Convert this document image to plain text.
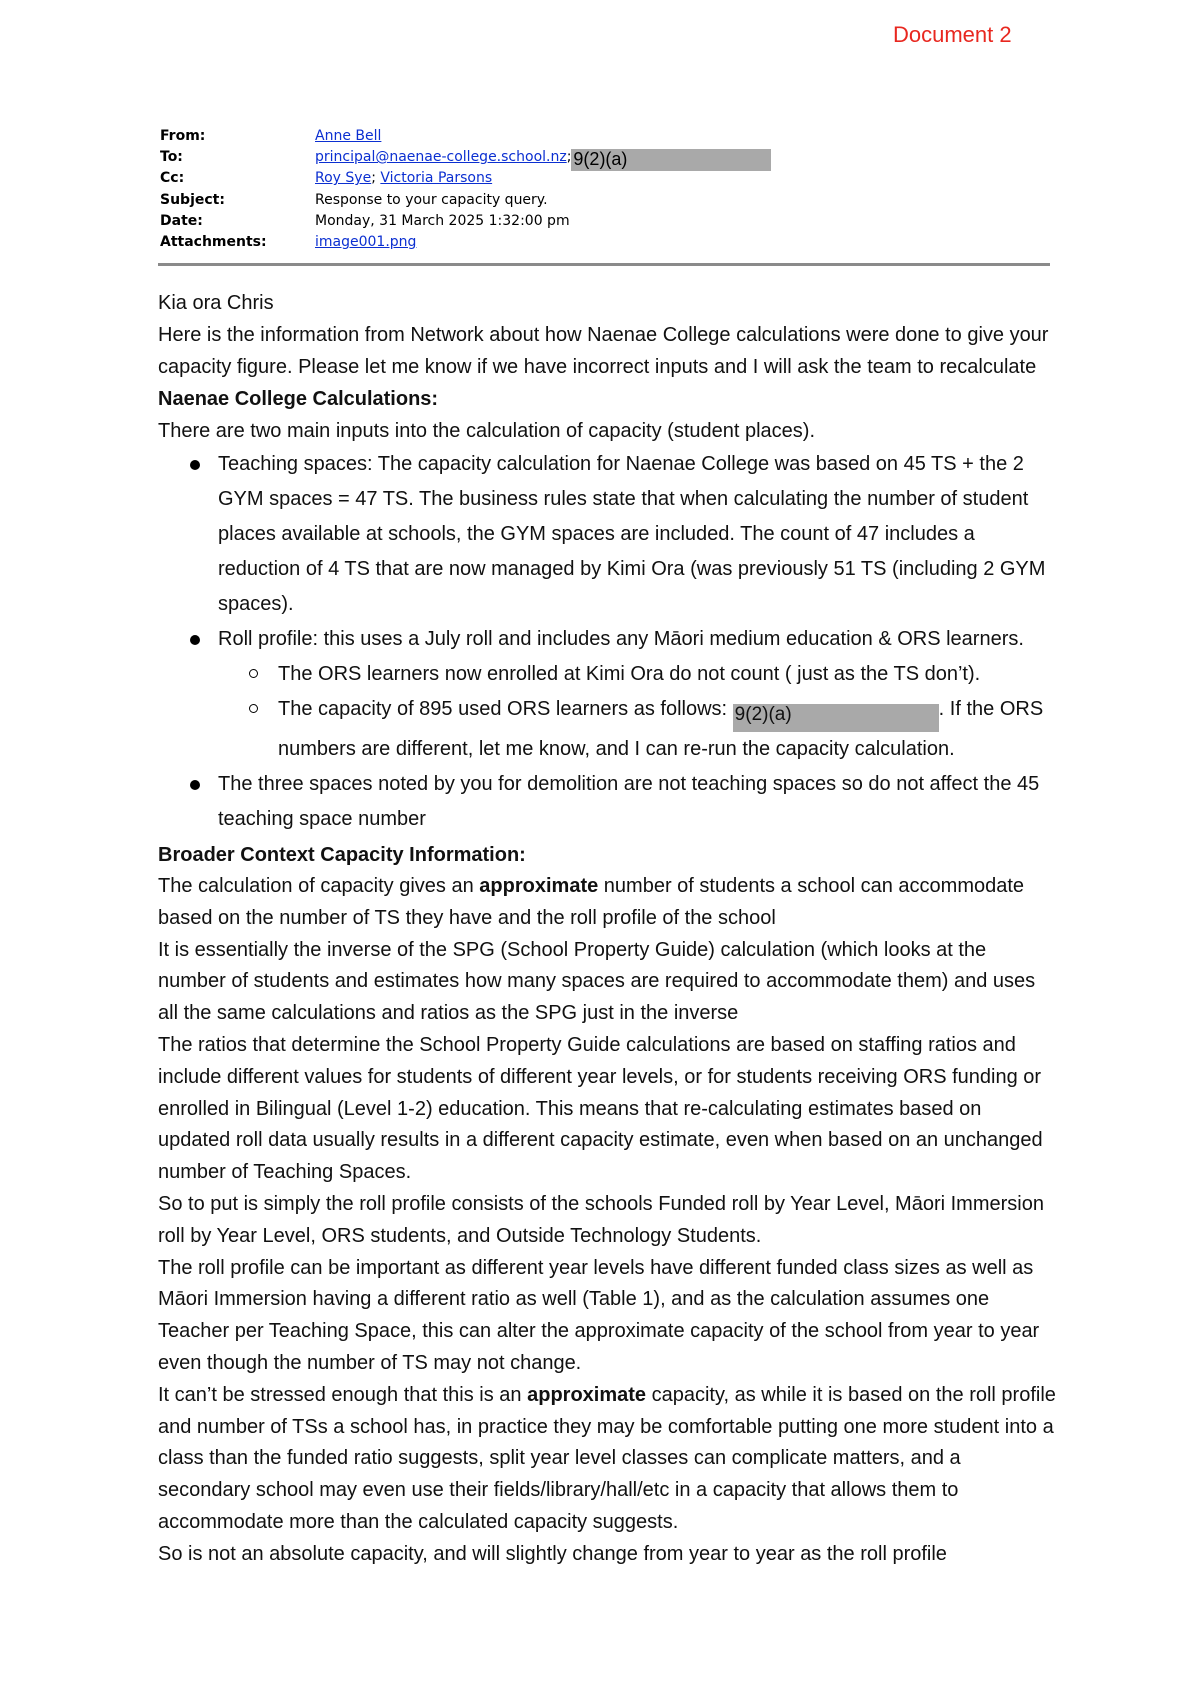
Document 2
From:	Anne Bell
To:	principal@naenae-college.school.nz; 9(2)(a)
Cc:	Roy Sye; Victoria Parsons
Subject:	Response to your capacity query.
Date:	Monday, 31 March 2025 1:32:00 pm
Attachments:	image001.png

Kia ora Chris

Here is the information from Network about how Naenae College calculations were done to give your capacity figure. Please let me know if we have incorrect inputs and I will ask the team to recalculate

Naenae College Calculations:

There are two main inputs into the calculation of capacity (student places).

Teaching spaces: The capacity calculation for Naenae College was based on 45 TS + the 2 GYM spaces = 47 TS. The business rules state that when calculating the number of student places available at schools, the GYM spaces are included. The count of 47 includes a reduction of 4 TS that are now managed by Kimi Ora (was previously 51 TS (including 2 GYM spaces).
Roll profile: this uses a July roll and includes any Māori medium education & ORS learners.
The ORS learners now enrolled at Kimi Ora do not count ( just as the TS don’t).
The capacity of 895 used ORS learners as follows: 9(2)(a)	. If the ORS numbers are different, let me know, and I can re-run the capacity calculation.
The three spaces noted by you for demolition are not teaching spaces so do not affect the 45 teaching space number

Broader Context Capacity Information:

The calculation of capacity gives an approximate number of students a school can accommodate based on the number of TS they have and the roll profile of the school

It is essentially the inverse of the SPG (School Property Guide) calculation (which looks at the number of students and estimates how many spaces are required to accommodate them) and uses all the same calculations and ratios as the SPG just in the inverse

The ratios that determine the School Property Guide calculations are based on staffing ratios and include different values for students of different year levels, or for students receiving ORS funding or enrolled in Bilingual (Level 1-2) education. This means that re-calculating estimates based on updated roll data usually results in a different capacity estimate, even when based on an unchanged number of Teaching Spaces.

So to put is simply the roll profile consists of the schools Funded roll by Year Level, Māori Immersion roll by Year Level, ORS students, and Outside Technology Students.

The roll profile can be important as different year levels have different funded class sizes as well as Māori Immersion having a different ratio as well (Table 1), and as the calculation assumes one Teacher per Teaching Space, this can alter the approximate capacity of the school from year to year even though the number of TS may not change.

It can’t be stressed enough that this is an approximate capacity, as while it is based on the roll profile and number of TSs a school has, in practice they may be comfortable putting one more student into a class than the funded ratio suggests, split year level classes can complicate matters, and a secondary school may even use their fields/library/hall/etc in a capacity that allows them to accommodate more than the calculated capacity suggests.

So is not an absolute capacity, and will slightly change from year to year as the roll profile
